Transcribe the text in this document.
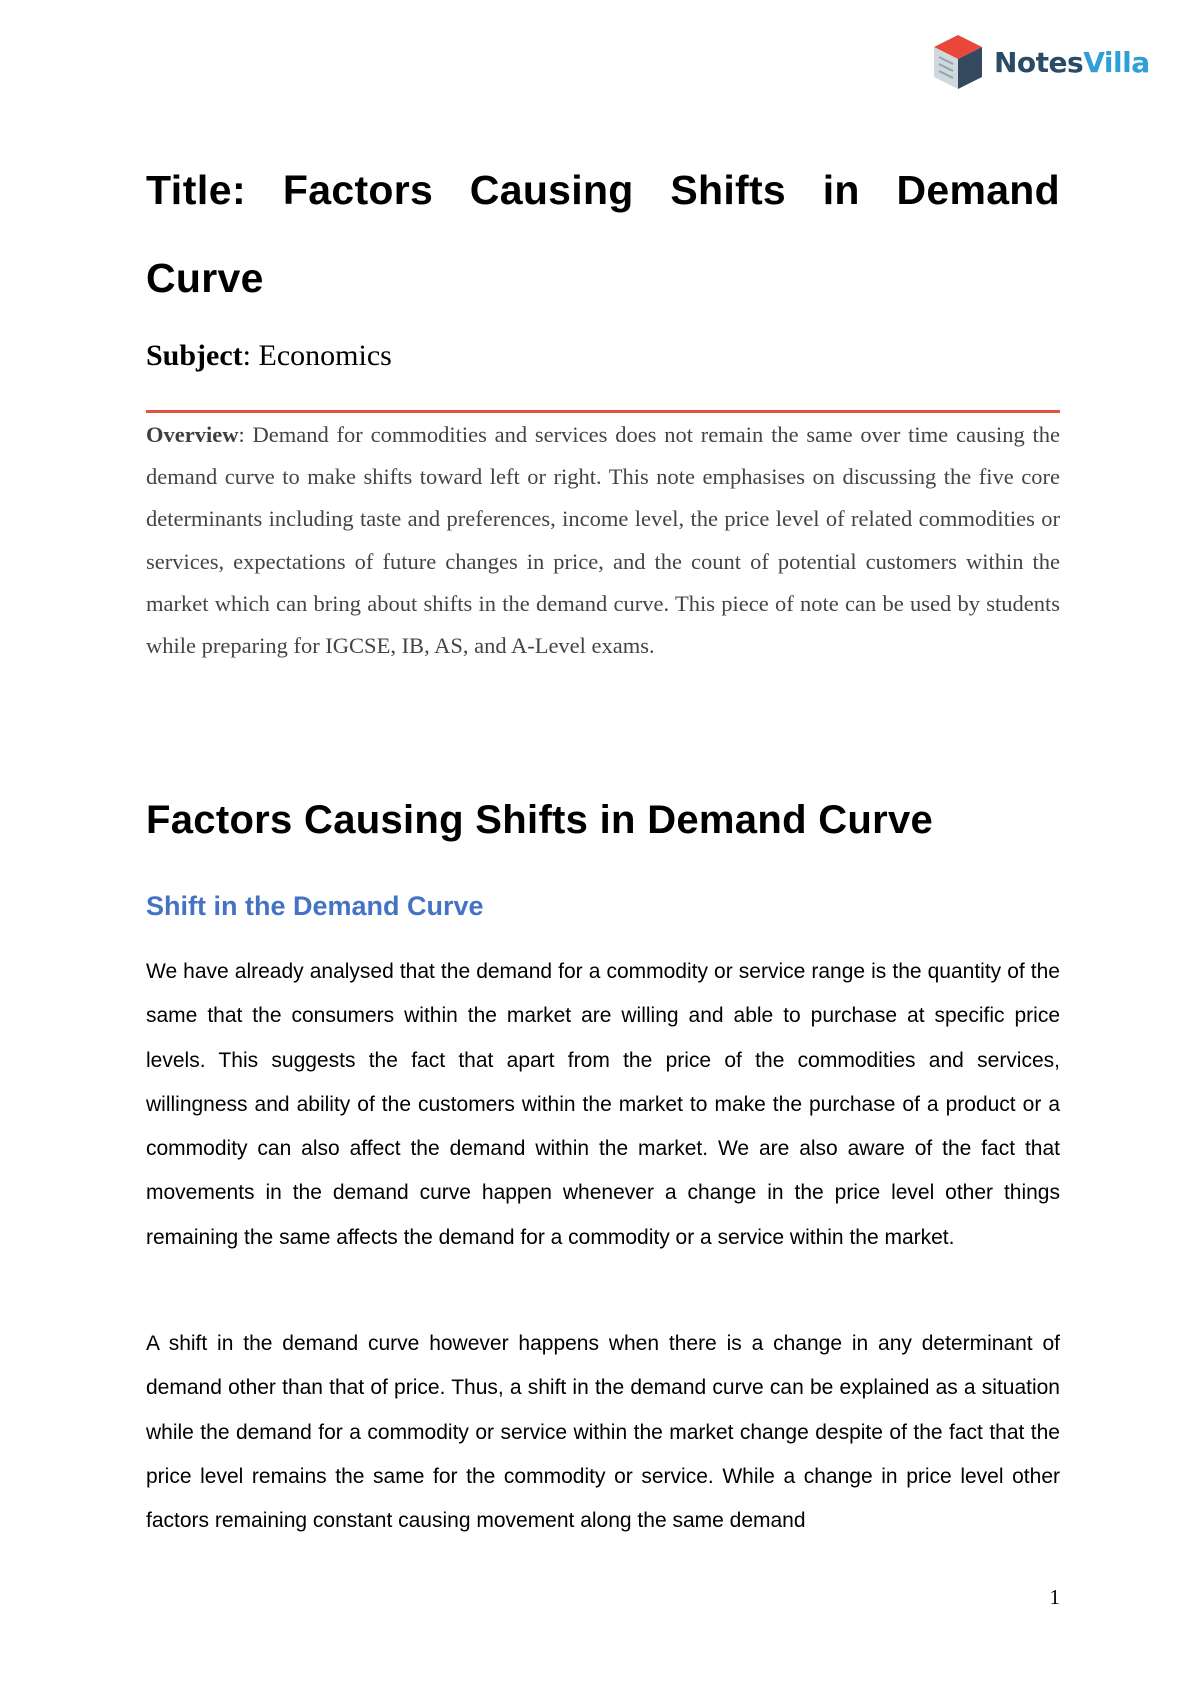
NotesVilla
Title: Factors Causing Shifts in Demand Curve
Subject: Economics

Overview: Demand for commodities and services does not remain the same over time causing the demand curve to make shifts toward left or right. This note emphasises on discussing the five core determinants including taste and preferences, income level, the price level of related commodities or services, expectations of future changes in price, and the count of potential customers within the market which can bring about shifts in the demand curve. This piece of note can be used by students while preparing for IGCSE, IB, AS, and A-Level exams.

Factors Causing Shifts in Demand Curve
Shift in the Demand Curve

We have already analysed that the demand for a commodity or service range is the quantity of the same that the consumers within the market are willing and able to purchase at specific price levels. This suggests the fact that apart from the price of the commodities and services, willingness and ability of the customers within the market to make the purchase of a product or a commodity can also affect the demand within the market. We are also aware of the fact that movements in the demand curve happen whenever a change in the price level other things remaining the same affects the demand for a commodity or a service within the market.

A shift in the demand curve however happens when there is a change in any determinant of demand other than that of price. Thus, a shift in the demand curve can be explained as a situation while the demand for a commodity or service within the market change despite of the fact that the price level remains the same for the commodity or service. While a change in price level other factors remaining constant causing movement along the same demand

1
